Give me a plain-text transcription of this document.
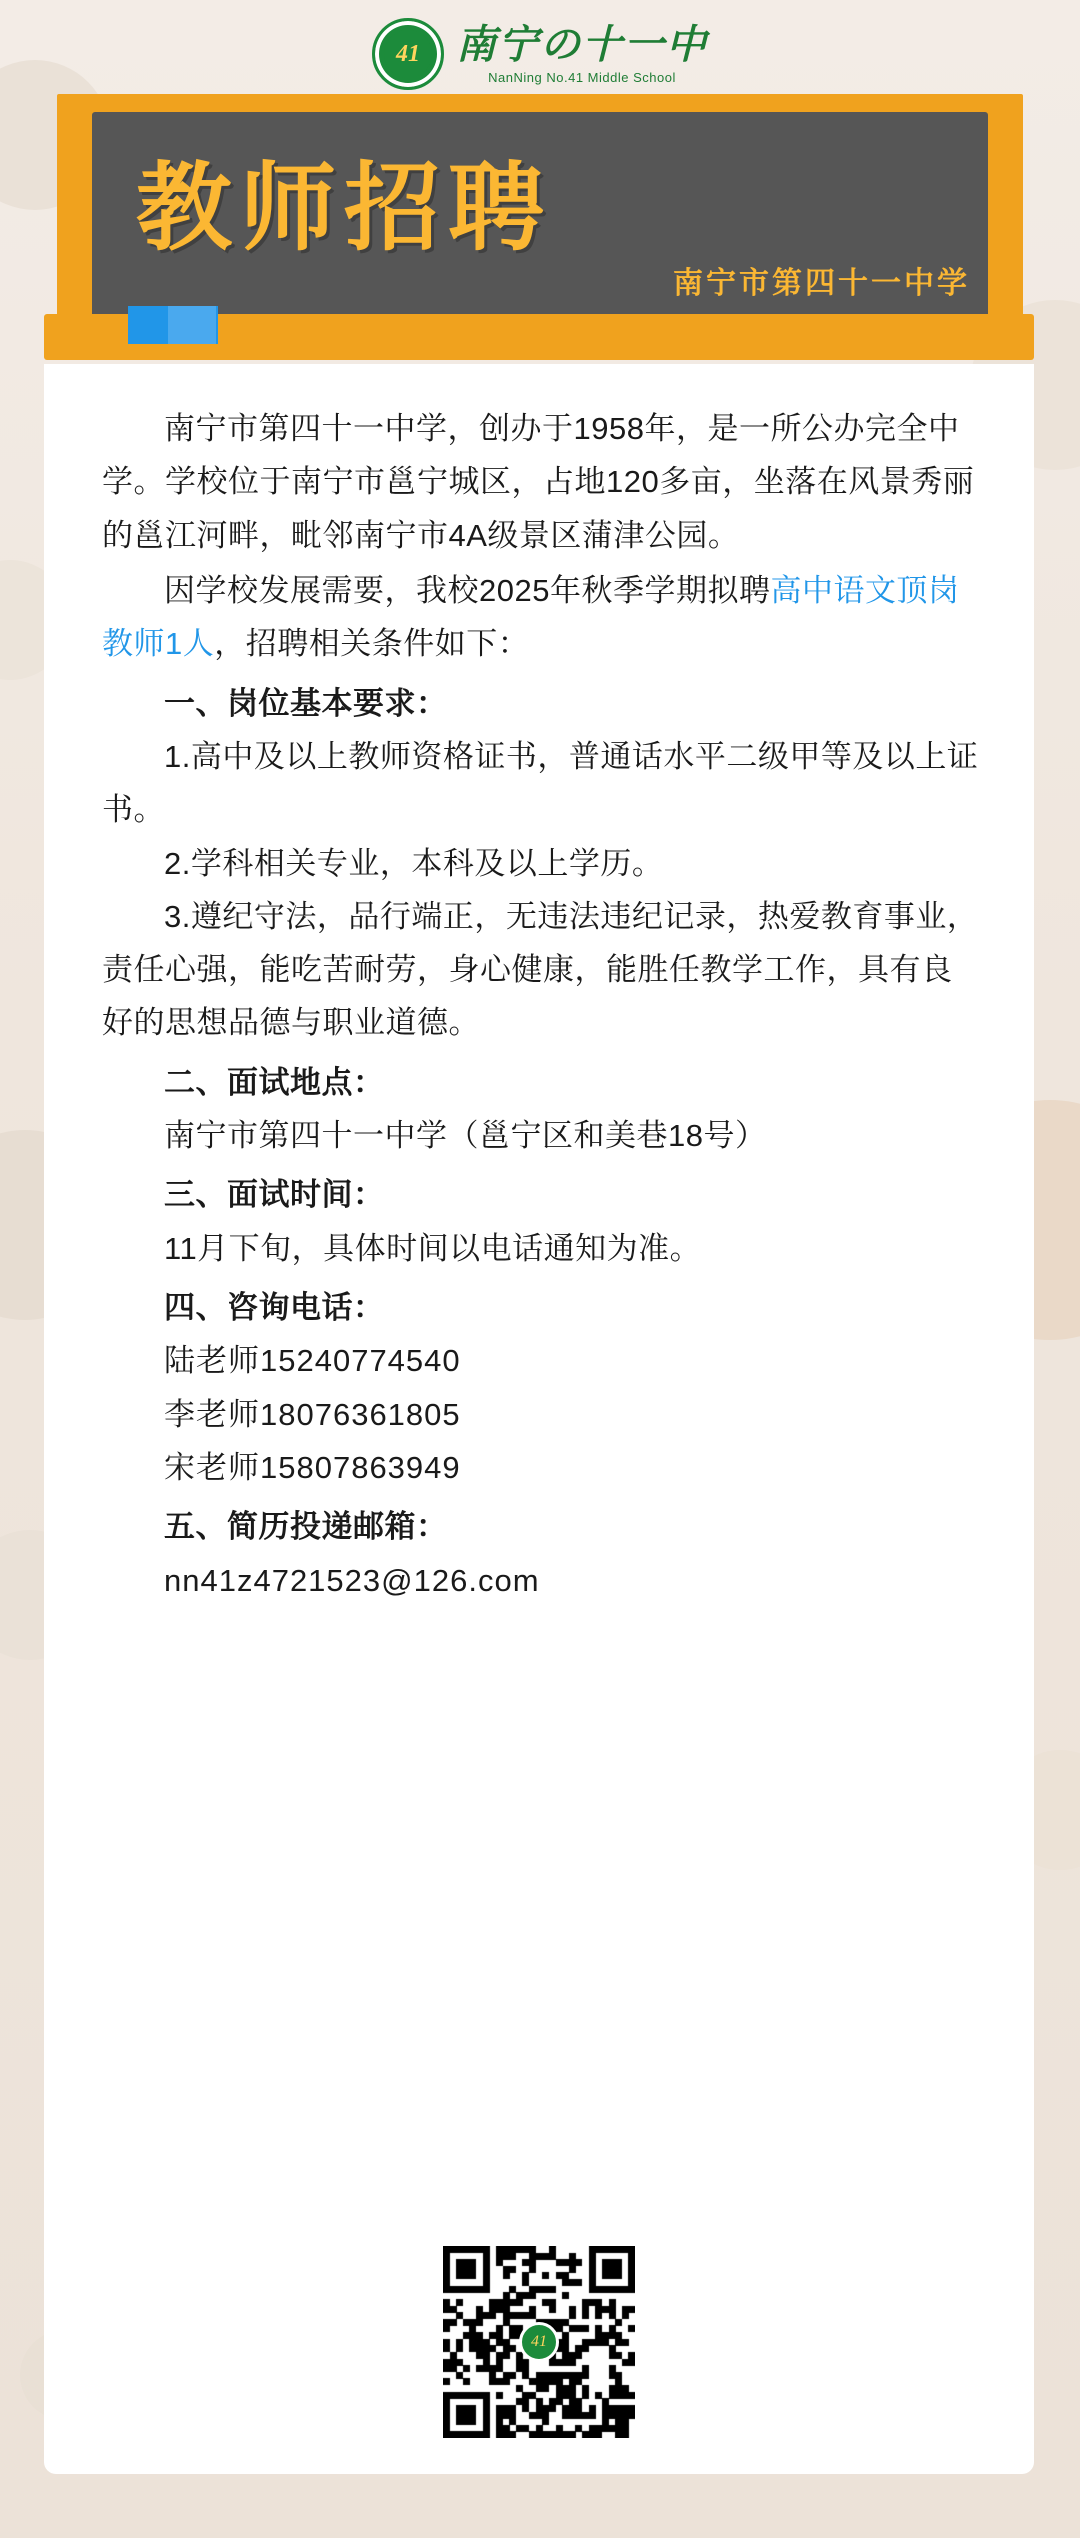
41 南宁の十一中
NanNing No.41 Middle School
教师招聘
南宁市第四十一中学

南宁市第四十一中学，创办于1958年，是一所公办完全中学。学校位于南宁市邕宁城区，占地120多亩，坐落在风景秀丽的邕江河畔，毗邻南宁市4A级景区蒲津公园。

因学校发展需要，我校2025年秋季学期拟聘高中语文顶岗教师1人，招聘相关条件如下：

一、岗位基本要求：

1.高中及以上教师资格证书，普通话水平二级甲等及以上证书。

2.学科相关专业，本科及以上学历。

3.遵纪守法，品行端正，无违法违纪记录，热爱教育事业，责任心强，能吃苦耐劳，身心健康，能胜任教学工作，具有良好的思想品德与职业道德。

二、面试地点：

南宁市第四十一中学（邕宁区和美巷18号）

三、面试时间：

11月下旬，具体时间以电话通知为准。

四、咨询电话：

陆老师15240774540

李老师18076361805

宋老师15807863949

五、简历投递邮箱：

nn41z4721523@126.com

41
